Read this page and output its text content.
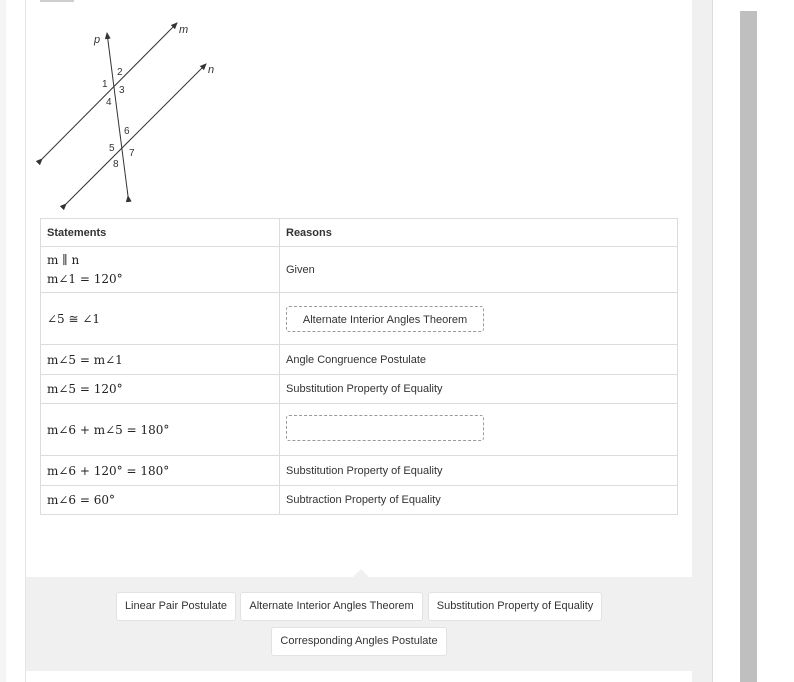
p
m
n
1
2
3
4
5
6
7
8
Statements	Reasons

m ∥ n
m∠1 = 120°	Given
∠5 ≅ ∠1	Alternate Interior Angles Theorem
m∠5 = m∠1	Angle Congruence Postulate
m∠5 = 120°	Substitution Property of Equality
m∠6 + m∠5 = 180°	
m∠6 + 120° = 180°	Substitution Property of Equality
m∠6 = 60°	Subtraction Property of Equality
Linear Pair Postulate	Alternate Interior Angles Theorem	Substitution Property of Equality
Corresponding Angles Postulate
